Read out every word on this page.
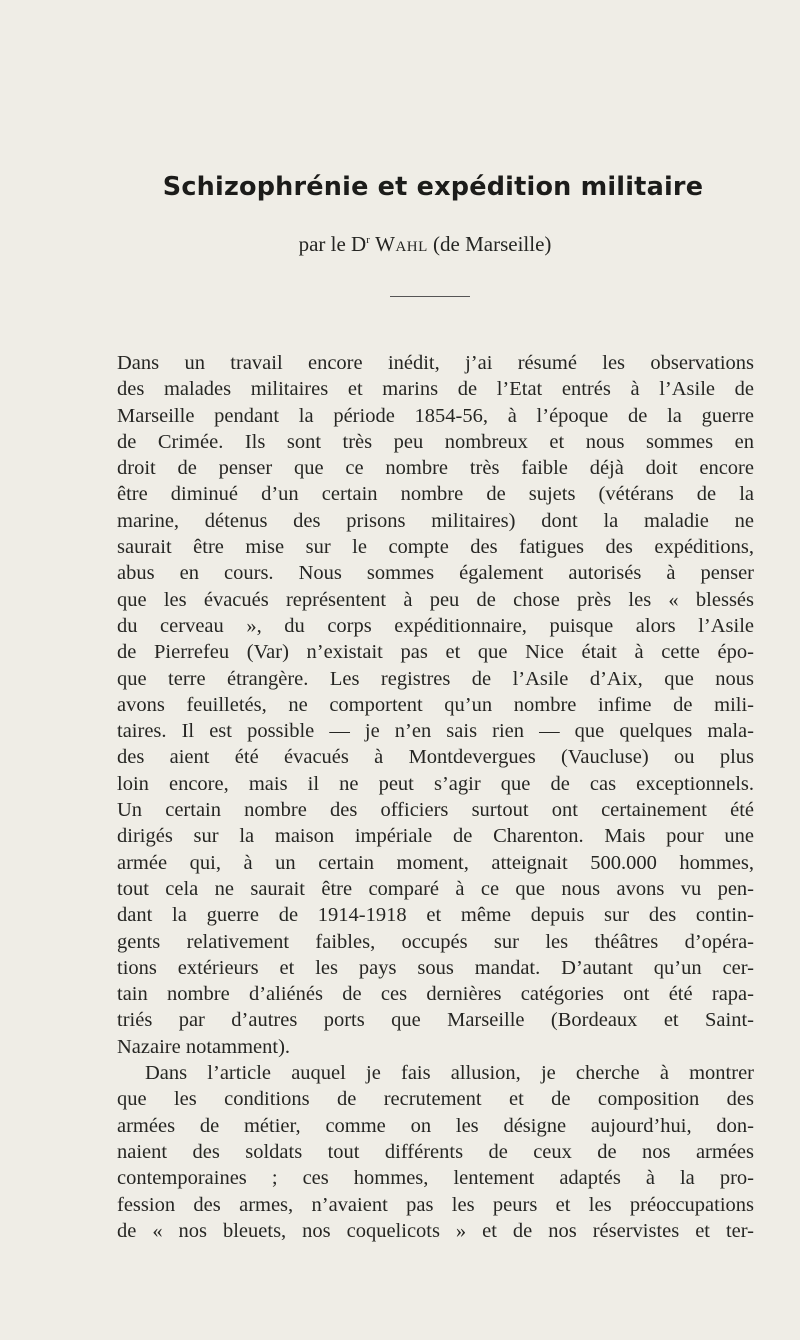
Schizophrénie et expédition militaire
par le $D^r$ Wahl (de Marseille)
Dans un travail encore inédit, j’ai résumé les observations
des malades militaires et marins de l’Etat entrés à l’Asile de
Marseille pendant la période 1854-56, à l’époque de la guerre
de Crimée. Ils sont très peu nombreux et nous sommes en
droit de penser que ce nombre très faible déjà doit encore
être diminué d’un certain nombre de sujets (vétérans de la
marine, détenus des prisons militaires) dont la maladie ne
saurait être mise sur le compte des fatigues des expéditions,
abus en cours. Nous sommes également autorisés à penser
que les évacués représentent à peu de chose près les « blessés
du cerveau », du corps expéditionnaire, puisque alors l’Asile
de Pierrefeu (Var) n’existait pas et que Nice était à cette épo-
que terre étrangère. Les registres de l’Asile d’Aix, que nous
avons feuilletés, ne comportent qu’un nombre infime de mili-
taires. Il est possible — je n’en sais rien — que quelques mala-
des aient été évacués à Montdevergues (Vaucluse) ou plus
loin encore, mais il ne peut s’agir que de cas exceptionnels.
Un certain nombre des officiers surtout ont certainement été
dirigés sur la maison impériale de Charenton. Mais pour une
armée qui, à un certain moment, atteignait 500.000 hommes,
tout cela ne saurait être comparé à ce que nous avons vu pen-
dant la guerre de 1914-1918 et même depuis sur des contin-
gents relativement faibles, occupés sur les théâtres d’opéra-
tions extérieurs et les pays sous mandat. D’autant qu’un cer-
tain nombre d’aliénés de ces dernières catégories ont été rapa-
triés par d’autres ports que Marseille (Bordeaux et Saint-
Nazaire notamment).
Dans l’article auquel je fais allusion, je cherche à montrer
que les conditions de recrutement et de composition des
armées de métier, comme on les désigne aujourd’hui, don-
naient des soldats tout différents de ceux de nos armées
contemporaines ; ces hommes, lentement adaptés à la pro-
fession des armes, n’avaient pas les peurs et les préoccupations
de « nos bleuets, nos coquelicots » et de nos réservistes et ter-
